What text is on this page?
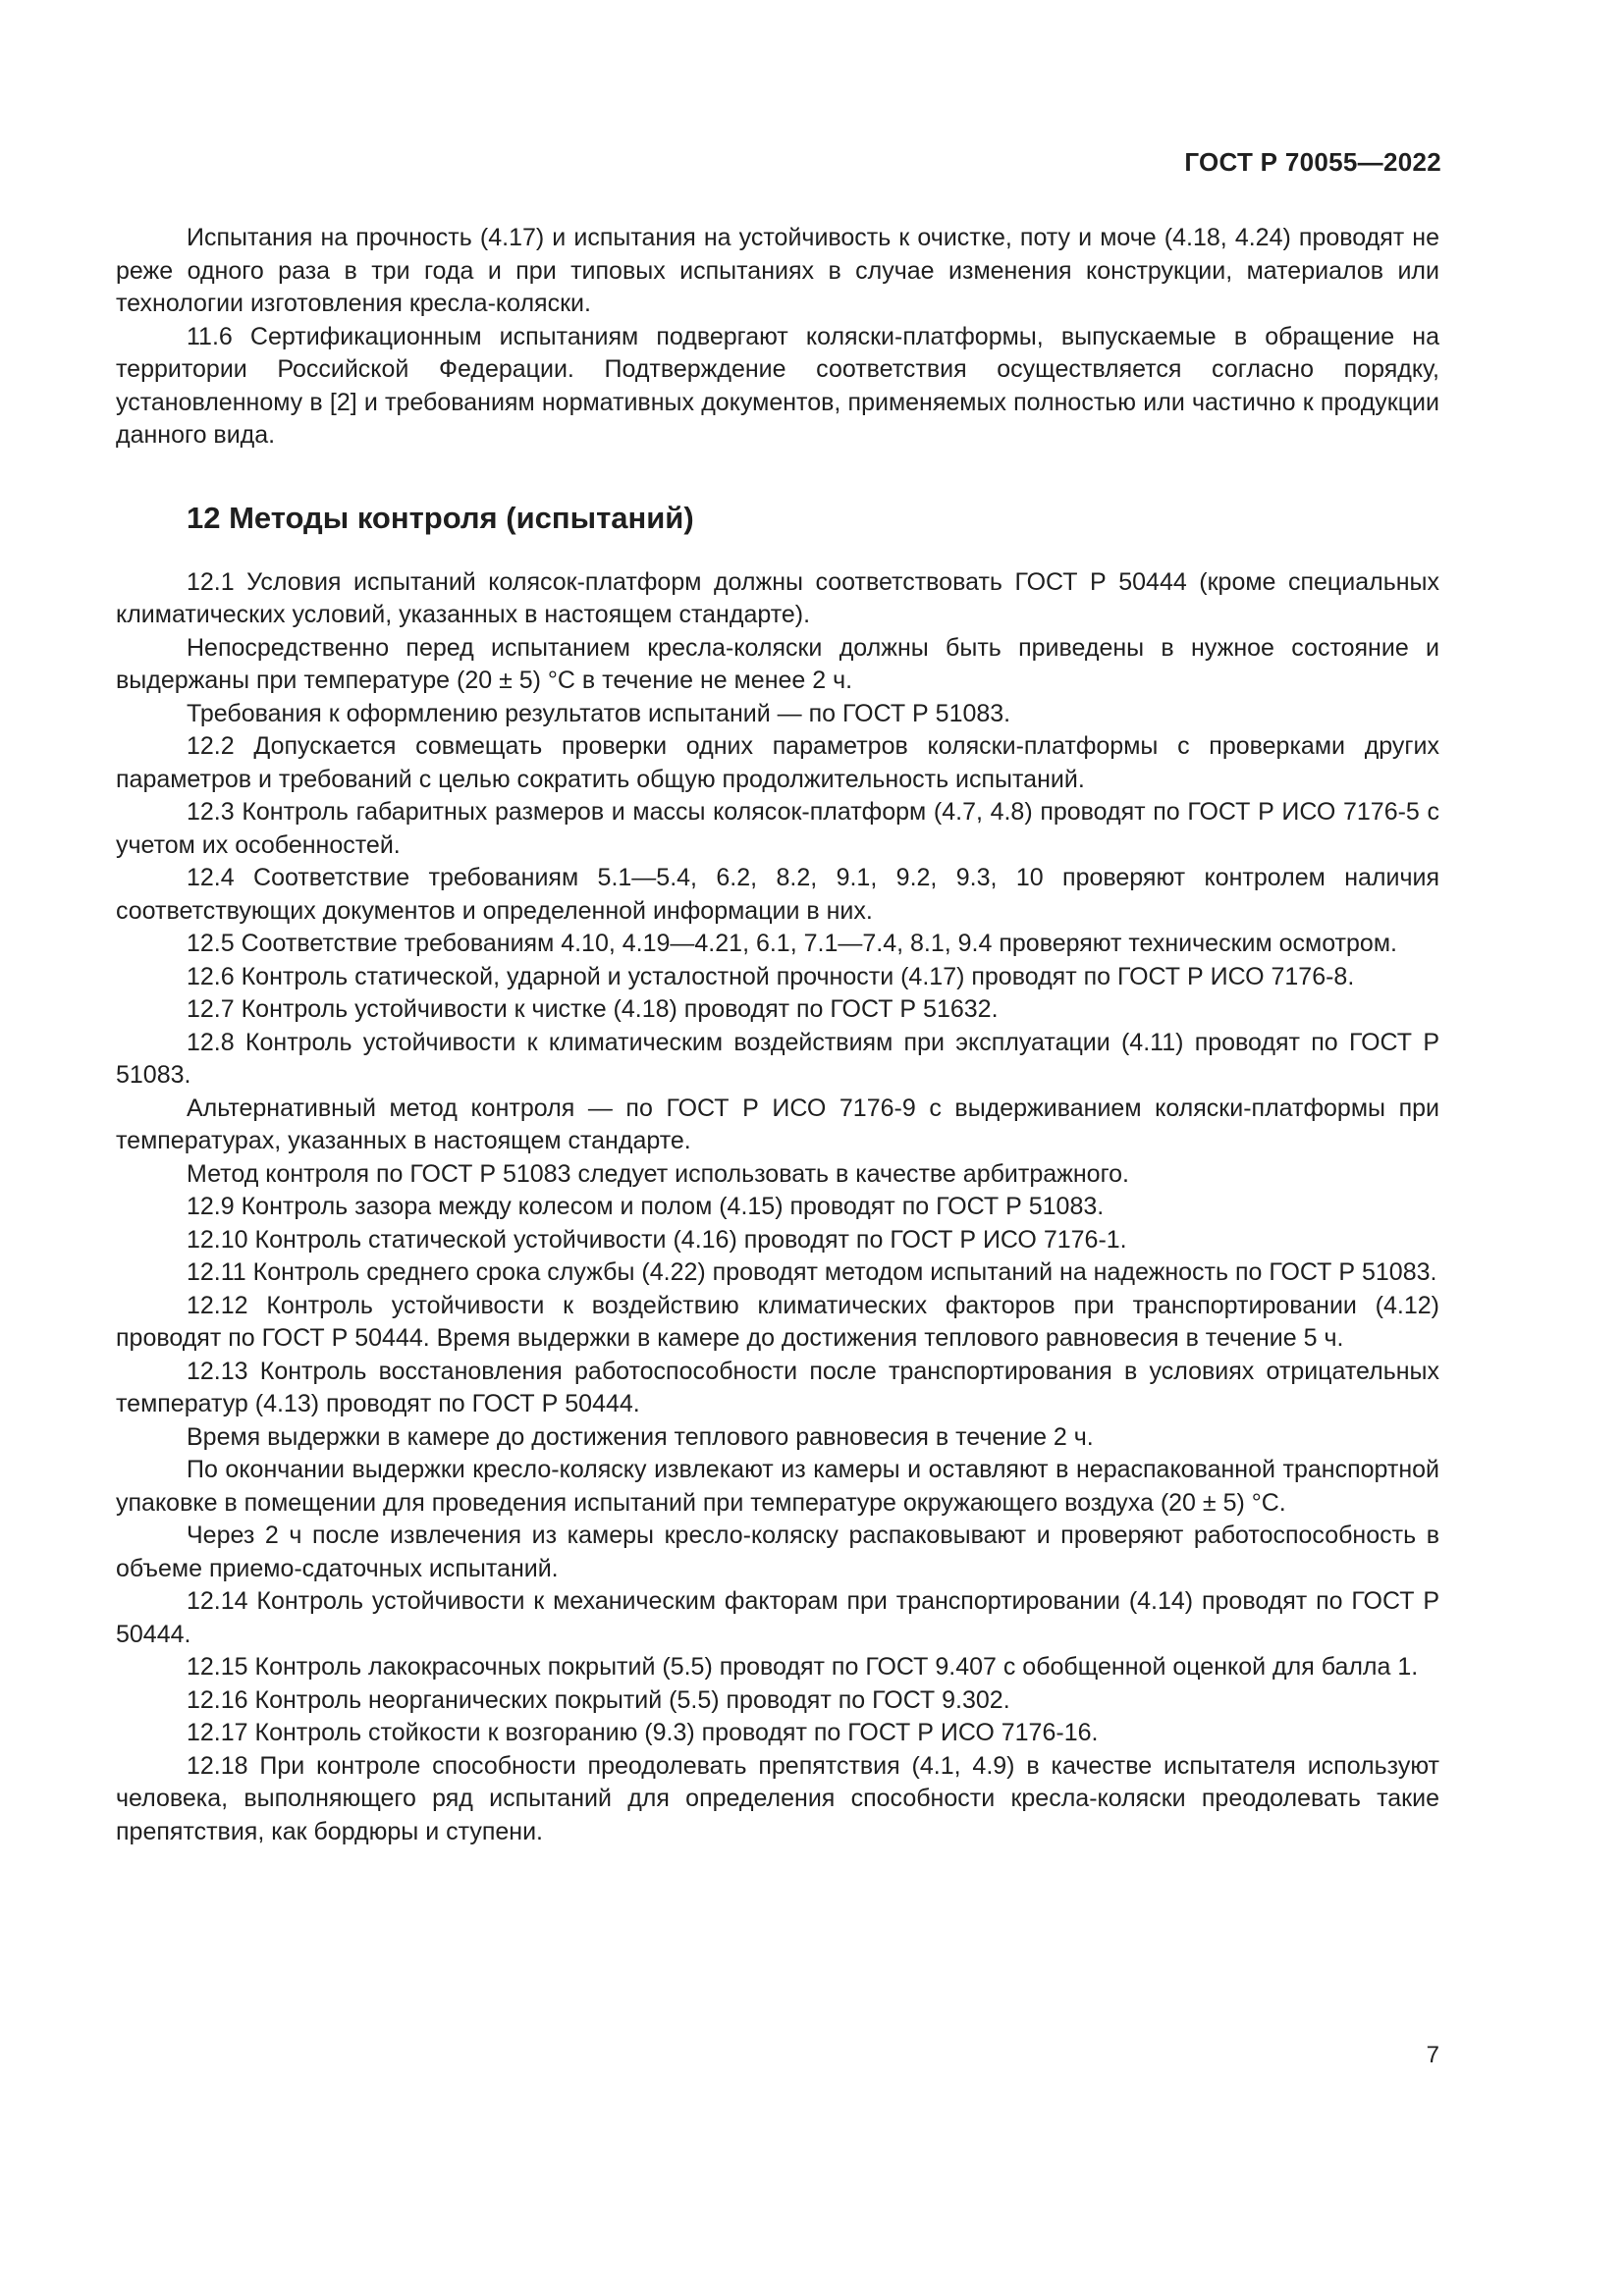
ГОСТ Р 70055—2022

Испытания на прочность (4.17) и испытания на устойчивость к очистке, поту и моче (4.18, 4.24) проводят не реже одного раза в три года и при типовых испытаниях в случае изменения конструкции, материалов или технологии изготовления кресла-коляски.

11.6 Сертификационным испытаниям подвергают коляски-платформы, выпускаемые в обращение на территории Российской Федерации. Подтверждение соответствия осуществляется согласно порядку, установленному в [2] и требованиям нормативных документов, применяемых полностью или частично к продукции данного вида.

12 Методы контроля (испытаний)

12.1 Условия испытаний колясок-платформ должны соответствовать ГОСТ Р 50444 (кроме специальных климатических условий, указанных в настоящем стандарте).

Непосредственно перед испытанием кресла-коляски должны быть приведены в нужное состояние и выдержаны при температуре (20 ± 5) °С в течение не менее 2 ч.

Требования к оформлению результатов испытаний — по ГОСТ Р 51083.

12.2 Допускается совмещать проверки одних параметров коляски-платформы с проверками других параметров и требований с целью сократить общую продолжительность испытаний.

12.3 Контроль габаритных размеров и массы колясок-платформ (4.7, 4.8) проводят по ГОСТ Р ИСО 7176-5 с учетом их особенностей.

12.4 Соответствие требованиям 5.1—5.4, 6.2, 8.2, 9.1, 9.2, 9.3, 10 проверяют контролем наличия соответствующих документов и определенной информации в них.

12.5 Соответствие требованиям 4.10, 4.19—4.21, 6.1, 7.1—7.4, 8.1, 9.4 проверяют техническим осмотром.

12.6 Контроль статической, ударной и усталостной прочности (4.17) проводят по ГОСТ Р ИСО 7176-8.

12.7 Контроль устойчивости к чистке (4.18) проводят по ГОСТ Р 51632.

12.8 Контроль устойчивости к климатическим воздействиям при эксплуатации (4.11) проводят по ГОСТ Р 51083.

Альтернативный метод контроля — по ГОСТ Р ИСО 7176-9 с выдерживанием коляски-платформы при температурах, указанных в настоящем стандарте.

Метод контроля по ГОСТ Р 51083 следует использовать в качестве арбитражного.

12.9 Контроль зазора между колесом и полом (4.15) проводят по ГОСТ Р 51083.

12.10 Контроль статической устойчивости (4.16) проводят по ГОСТ Р ИСО 7176-1.

12.11 Контроль среднего срока службы (4.22) проводят методом испытаний на надежность по ГОСТ Р 51083.

12.12 Контроль устойчивости к воздействию климатических факторов при транспортировании (4.12) проводят по ГОСТ Р 50444. Время выдержки в камере до достижения теплового равновесия в течение 5 ч.

12.13 Контроль восстановления работоспособности после транспортирования в условиях отрицательных температур (4.13) проводят по ГОСТ Р 50444.

Время выдержки в камере до достижения теплового равновесия в течение 2 ч.

По окончании выдержки кресло-коляску извлекают из камеры и оставляют в нераспакованной транспортной упаковке в помещении для проведения испытаний при температуре окружающего воздуха (20 ± 5) °С.

Через 2 ч после извлечения из камеры кресло-коляску распаковывают и проверяют работоспособность в объеме приемо-сдаточных испытаний.

12.14 Контроль устойчивости к механическим факторам при транспортировании (4.14) проводят по ГОСТ Р 50444.

12.15 Контроль лакокрасочных покрытий (5.5) проводят по ГОСТ 9.407 с обобщенной оценкой для балла 1.

12.16 Контроль неорганических покрытий (5.5) проводят по ГОСТ 9.302.

12.17 Контроль стойкости к возгоранию (9.3) проводят по ГОСТ Р ИСО 7176-16.

12.18 При контроле способности преодолевать препятствия (4.1, 4.9) в качестве испытателя используют человека, выполняющего ряд испытаний для определения способности кресла-коляски преодолевать такие препятствия, как бордюры и ступени.

7
